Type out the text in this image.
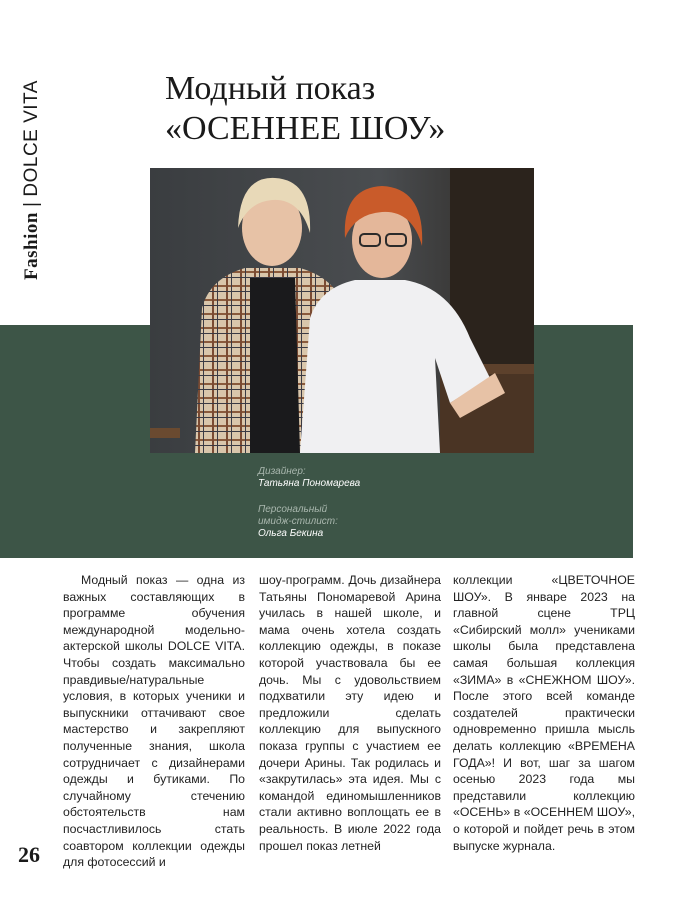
Fashion|DOLCE VITA	Модный показ
«ОСЕННЕЕ ШОУ»
Дизайнер:
Татьяна Пономарева
Персональный
имидж-стилист:
Ольга Бекина
Модный показ — одна из важных составляющих в программе обучения международной модельно-актерской школы DOLCE VITA. Чтобы создать максимально правдивые/натуральные условия, в которых ученики и выпускники оттачивают свое мастерство и закрепляют полученные знания, школа сотрудничает с дизайнерами одежды и бутиками. По случайному стечению обстоятельств нам посчастливилось стать соавтором коллекции одежды для фотосессий и
шоу-программ. Дочь дизайнера Татьяны Пономаревой Арина училась в нашей школе, и мама очень хотела создать коллекцию одежды, в показе которой участвовала бы ее дочь. Мы с удовольствием подхватили эту идею и предложили сделать коллекцию для выпускного показа группы с участием ее дочери Арины. Так родилась и «закрутилась» эта идея. Мы с командой единомышленников стали активно воплощать ее в реальность. В июле 2022 года прошел показ летней
коллекции «ЦВЕТОЧНОЕ ШОУ». В январе 2023 на главной сцене ТРЦ «Сибирский молл» учениками школы была представлена самая большая коллекция «ЗИМА» в «СНЕЖНОМ ШОУ». После этого всей команде создателей практически одновременно пришла мысль делать коллекцию «ВРЕМЕНА ГОДА»! И вот, шаг за шагом осенью 2023 года мы представили коллекцию «ОСЕНЬ» в «ОСЕННЕМ ШОУ», о которой и пойдет речь в этом выпуске журнала.
26
